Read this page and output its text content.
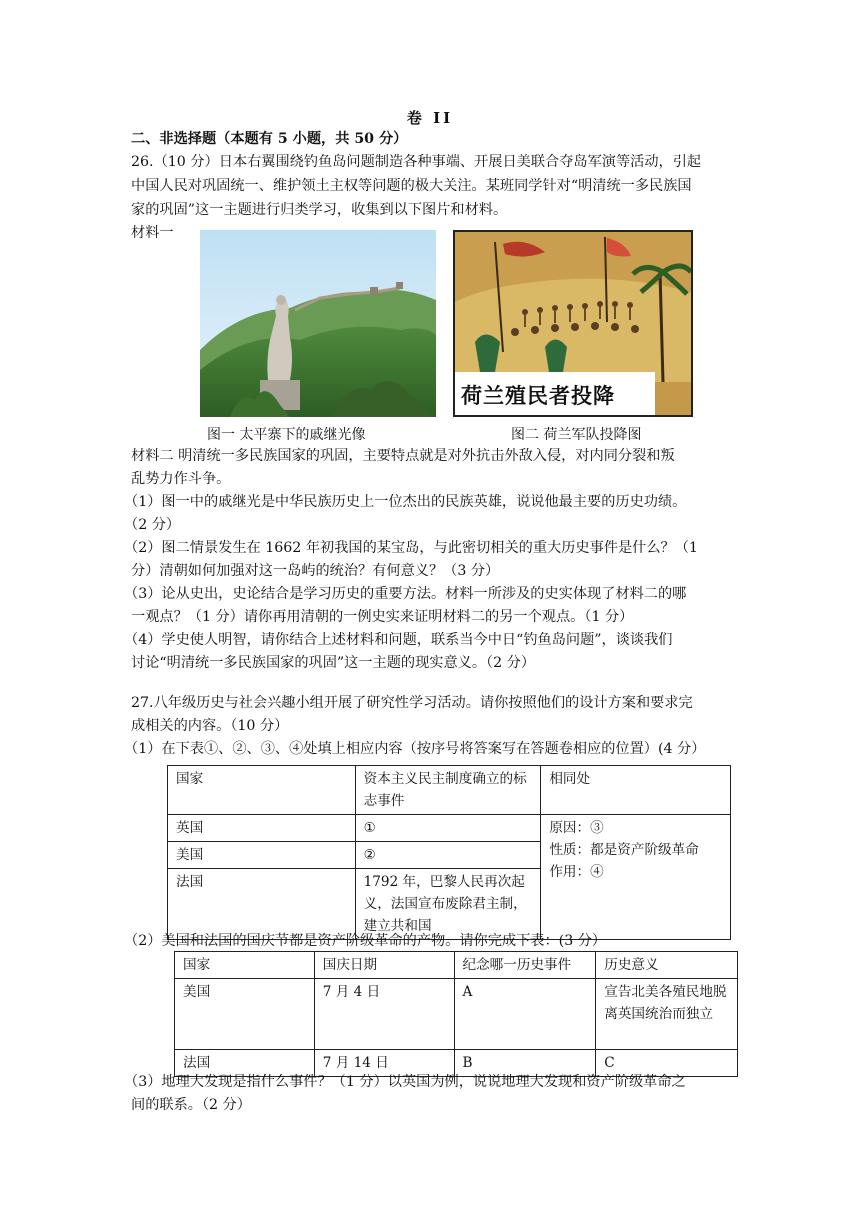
卷 II
二、非选择题（本题有 5 小题，共 50 分）
26.（10 分）日本右翼围绕钓鱼岛问题制造各种事端、开展日美联合夺岛军演等活动，引起
中国人民对巩固统一、维护领土主权等问题的极大关注。某班同学针对“明清统一多民族国
家的巩固”这一主题进行归类学习，收集到以下图片和材料。
材料一
荷兰殖民者投降
图一 太平寨下的戚继光像	图二 荷兰军队投降图
材料二 明清统一多民族国家的巩固，主要特点就是对外抗击外敌入侵，对内同分裂和叛
乱势力作斗争。
（1）图一中的戚继光是中华民族历史上一位杰出的民族英雄，说说他最主要的历史功绩。
（2 分）
（2）图二情景发生在 1662 年初我国的某宝岛，与此密切相关的重大历史事件是什么？（1
分）清朝如何加强对这一岛屿的统治？有何意义？（3 分）
（3）论从史出，史论结合是学习历史的重要方法。材料一所涉及的史实体现了材料二的哪
一观点？（1 分）请你再用清朝的一例史实来证明材料二的另一个观点。（1 分）
（4）学史使人明智，请你结合上述材料和问题，联系当今中日“钓鱼岛问题”，谈谈我们
讨论“明清统一多民族国家的巩固”这一主题的现实意义。（2 分）
27.八年级历史与社会兴趣小组开展了研究性学习活动。请你按照他们的设计方案和要求完
成相关的内容。（10 分）
（1）在下表①、②、③、④处填上相应内容（按序号将答案写在答题卷相应的位置）(4 分）
国家	资本主义民主制度确立的标志事件	相同处
英国	①	原因：③
性质：都是资产阶级革命
作用：④

美国	②	
法国	1792 年，巴黎人民再次起义，法国宣布废除君主制，建立共和国	
（2）美国和法国的国庆节都是资产阶级革命的产物。请你完成下表：(3 分）
国家	国庆日期	纪念哪一历史事件	历史意义
美国	7 月 4 日	A	宣告北美各殖民地脱离英国统治而独立
法国	7 月 14 日	B	C
（3）地理大发现是指什么事件？（1 分）以英国为例，说说地理大发现和资产阶级革命之
间的联系。（2 分）
